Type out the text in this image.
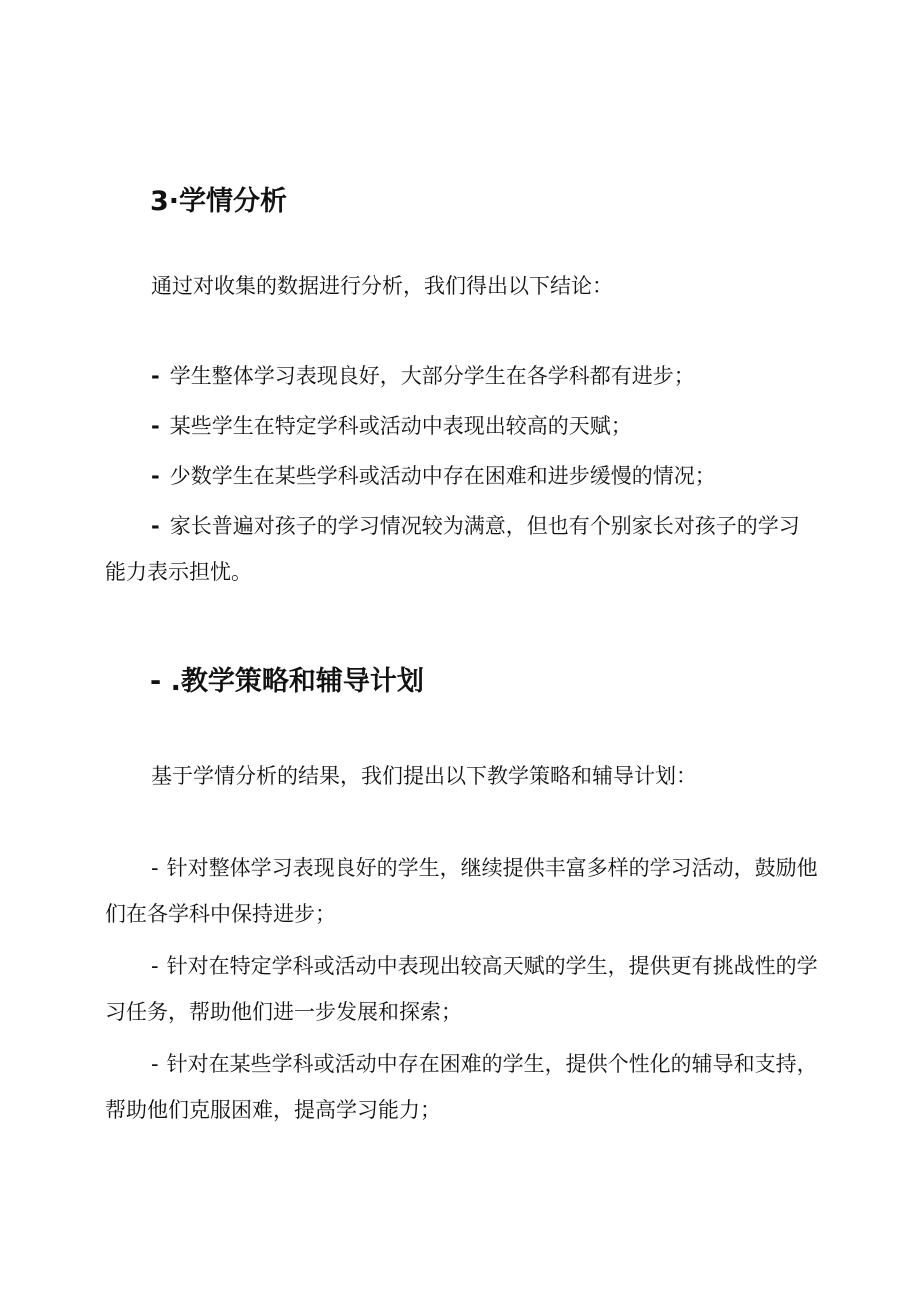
3·学情分析

通过对收集的数据进行分析，我们得出以下结论：

- 学生整体学习表现良好，大部分学生在各学科都有进步；

- 某些学生在特定学科或活动中表现出较高的天赋；

- 少数学生在某些学科或活动中存在困难和进步缓慢的情况；

- 家长普遍对孩子的学习情况较为满意，但也有个别家长对孩子的学习能力表示担忧。

- .教学策略和辅导计划

基于学情分析的结果，我们提出以下教学策略和辅导计划：

- 针对整体学习表现良好的学生，继续提供丰富多样的学习活动，鼓励他们在各学科中保持进步；

- 针对在特定学科或活动中表现出较高天赋的学生，提供更有挑战性的学习任务，帮助他们进一步发展和探索；

- 针对在某些学科或活动中存在困难的学生，提供个性化的辅导和支持，帮助他们克服困难，提高学习能力；
